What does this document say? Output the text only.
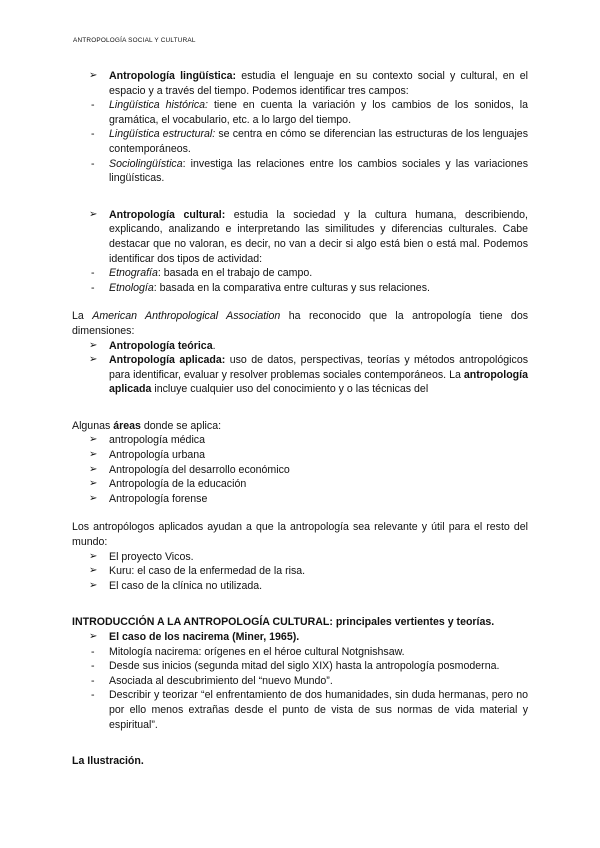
ANTROPOLOGÍA SOCIAL Y CULTURAL
➢ Antropología lingüística: estudia el lenguaje en su contexto social y cultural, en el espacio y a través del tiempo. Podemos identificar tres campos:
- Lingüística histórica: tiene en cuenta la variación y los cambios de los sonidos, la gramática, el vocabulario, etc. a lo largo del tiempo.
- Lingüística estructural: se centra en cómo se diferencian las estructuras de los lenguajes contemporáneos.
- Sociolingüística: investiga las relaciones entre los cambios sociales y las variaciones lingüísticas.
➢ Antropología cultural: estudia la sociedad y la cultura humana, describiendo, explicando, analizando e interpretando las similitudes y diferencias culturales. Cabe destacar que no valoran, es decir, no van a decir si algo está bien o está mal. Podemos identificar dos tipos de actividad:
- Etnografía: basada en el trabajo de campo.
- Etnología: basada en la comparativa entre culturas y sus relaciones.
La American Anthropological Association ha reconocido que la antropología tiene dos dimensiones:
➢ Antropología teórica.
➢ Antropología aplicada: uso de datos, perspectivas, teorías y métodos antropológicos para identificar, evaluar y resolver problemas sociales contemporáneos. La antropología aplicada incluye cualquier uso del conocimiento y o las técnicas del
Algunas áreas donde se aplica:
➢ antropología médica
➢ Antropología urbana
➢ Antropología del desarrollo económico
➢ Antropología de la educación
➢ Antropología forense
Los antropólogos aplicados ayudan a que la antropología sea relevante y útil para el resto del mundo:
➢ El proyecto Vicos.
➢ Kuru: el caso de la enfermedad de la risa.
➢ El caso de la clínica no utilizada.
INTRODUCCIÓN A LA ANTROPOLOGÍA CULTURAL: principales vertientes y teorías.
➢ El caso de los nacirema (Miner, 1965).
- Mitología nacirema: orígenes en el héroe cultural Notgnishsaw.
- Desde sus inicios (segunda mitad del siglo XIX) hasta la antropología posmoderna.
- Asociada al descubrimiento del “nuevo Mundo”.
- Describir y teorizar “el enfrentamiento de dos humanidades, sin duda hermanas, pero no por ello menos extrañas desde el punto de vista de sus normas de vida material y espiritual”.
La Ilustración.
